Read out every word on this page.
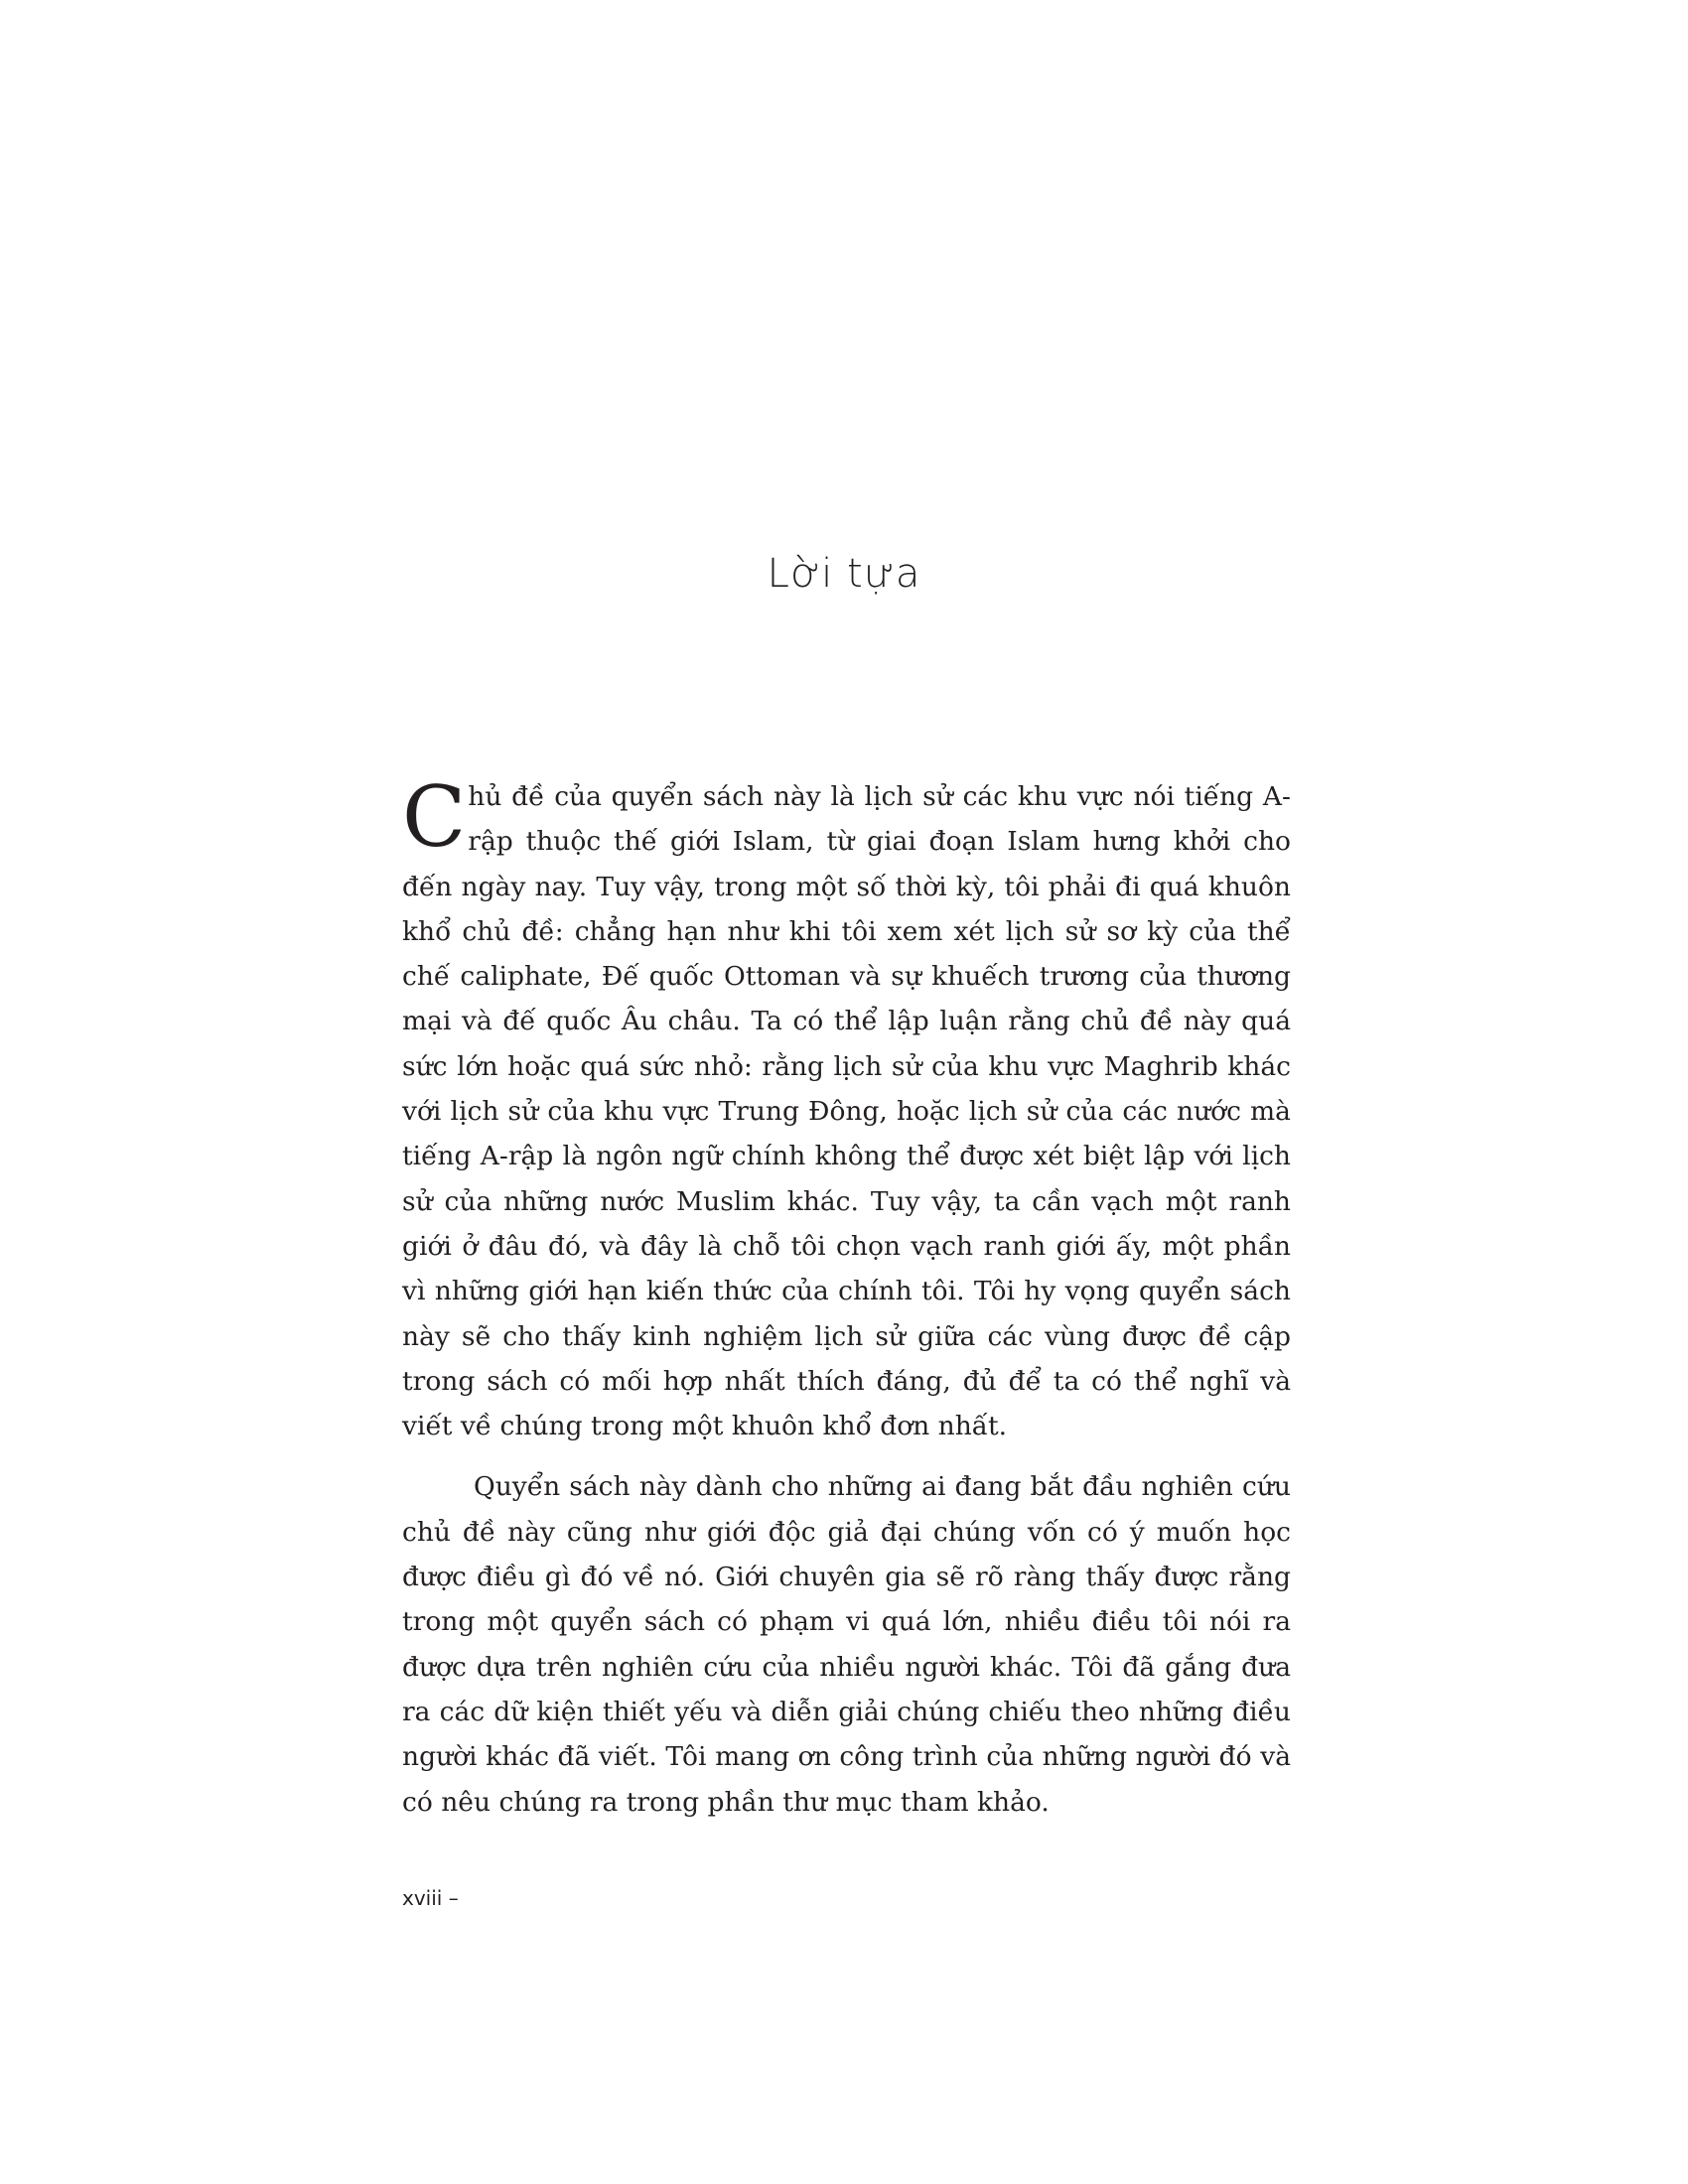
Lời tựa

Chủ đề của quyển sách này là lịch sử các khu vực nói tiếng A-rập thuộc thế giới Islam, từ giai đoạn Islam hưng khởi cho đến ngày nay. Tuy vậy, trong một số thời kỳ, tôi phải đi quá khuôn khổ chủ đề: chẳng hạn như khi tôi xem xét lịch sử sơ kỳ của thể chế caliphate, Đế quốc Ottoman và sự khuếch trương của thương mại và đế quốc Âu châu. Ta có thể lập luận rằng chủ đề này quá sức lớn hoặc quá sức nhỏ: rằng lịch sử của khu vực Maghrib khác với lịch sử của khu vực Trung Đông, hoặc lịch sử của các nước mà tiếng A-rập là ngôn ngữ chính không thể được xét biệt lập với lịch sử của những nước Muslim khác. Tuy vậy, ta cần vạch một ranh giới ở đâu đó, và đây là chỗ tôi chọn vạch ranh giới ấy, một phần vì những giới hạn kiến thức của chính tôi. Tôi hy vọng quyển sách này sẽ cho thấy kinh nghiệm lịch sử giữa các vùng được đề cập trong sách có mối hợp nhất thích đáng, đủ để ta có thể nghĩ và viết về chúng trong một khuôn khổ đơn nhất.

Quyển sách này dành cho những ai đang bắt đầu nghiên cứu chủ đề này cũng như giới độc giả đại chúng vốn có ý muốn học được điều gì đó về nó. Giới chuyên gia sẽ rõ ràng thấy được rằng trong một quyển sách có phạm vi quá lớn, nhiều điều tôi nói ra được dựa trên nghiên cứu của nhiều người khác. Tôi đã gắng đưa ra các dữ kiện thiết yếu và diễn giải chúng chiếu theo những điều người khác đã viết. Tôi mang ơn công trình của những người đó và có nêu chúng ra trong phần thư mục tham khảo.

xviii –
